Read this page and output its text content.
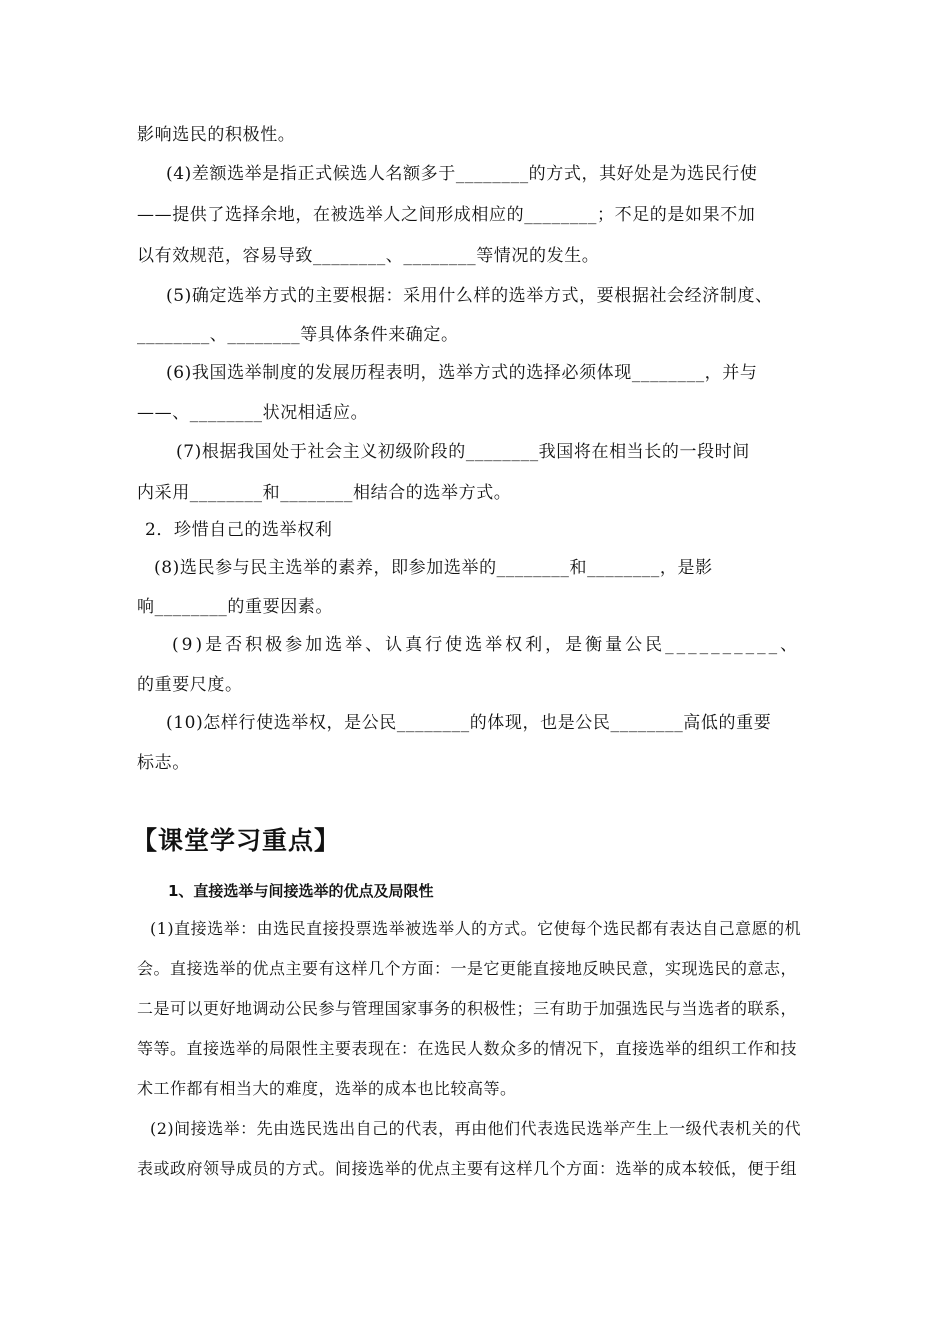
影响选民的积极性。
(4)差额选举是指正式候选人名额多于________的方式，其好处是为选民行使
——提供了选择余地，在被选举人之间形成相应的________；不足的是如果不加
以有效规范，容易导致________、________等情况的发生。
(5)确定选举方式的主要根据：采用什么样的选举方式，要根据社会经济制度、
________、________等具体条件来确定。
(6)我国选举制度的发展历程表明，选举方式的选择必须体现________，并与
——、________状况相适应。
(7)根据我国处于社会主义初级阶段的________我国将在相当长的一段时间
内采用________和________相结合的选举方式。
2．珍惜自己的选举权利
(8)选民参与民主选举的素养，即参加选举的________和________，是影
响________的重要因素。
(9)是否积极参加选举、认真行使选举权利，是衡量公民__________、
的重要尺度。
(10)怎样行使选举权，是公民________的体现，也是公民________高低的重要
标志。
【课堂学习重点】
1、直接选举与间接选举的优点及局限性
(1)直接选举：由选民直接投票选举被选举人的方式。它使每个选民都有表达自己意愿的机
会。直接选举的优点主要有这样几个方面：一是它更能直接地反映民意，实现选民的意志，
二是可以更好地调动公民参与管理国家事务的积极性；三有助于加强选民与当选者的联系，
等等。直接选举的局限性主要表现在：在选民人数众多的情况下，直接选举的组织工作和技
术工作都有相当大的难度，选举的成本也比较高等。
(2)间接选举：先由选民选出自己的代表，再由他们代表选民选举产生上一级代表机关的代
表或政府领导成员的方式。间接选举的优点主要有这样几个方面：选举的成本较低，便于组
